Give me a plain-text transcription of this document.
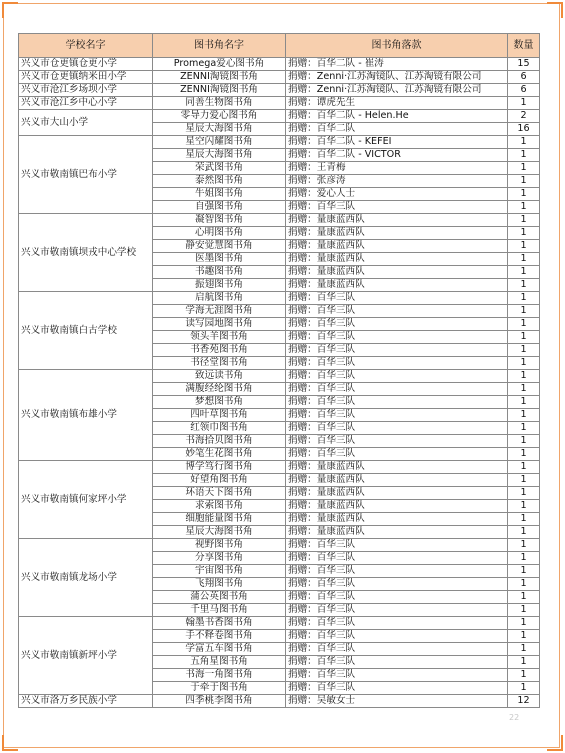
学校名字	图书角名字	图书角落款	数量
兴义市仓更镇仓更小学	Promega爱心图书角	捐赠：百华二队 - 崔涛	15
兴义市仓更镇纳米田小学	ZENNI淘镜图书角	捐赠：Zenni·江苏淘镜队、江苏淘镜有限公司	6
兴义市沧江乡场坝小学	ZENNI淘镜图书角	捐赠：Zenni·江苏淘镜队、江苏淘镜有限公司	6
兴义市沧江乡中心小学	同善生物图书角	捐赠：谭虎先生	1
兴义市大山小学	零导力爱心图书角	捐赠：百华二队 - Helen.He	2
	星辰大海图书角	捐赠：百华二队	16
兴义市敬南镇巴布小学	星空闪耀图书角	捐赠：百华二队 - KEFEI	1
	星辰大海图书角	捐赠：百华二队 - VICTOR	1
	荣武图书角	捐赠：王青梅	1
	泰然图书角	捐赠：张彦涛	1
	牛姐图书角	捐赠：爱心人士	1
	自强图书角	捐赠：百华三队	1
兴义市敬南镇坝戎中心学校	凝智图书角	捐赠：量康蓝西队	1
	心明图书角	捐赠：量康蓝西队	1
	静安觉慧图书角	捐赠：量康蓝西队	1
	医墨图书角	捐赠：量康蓝西队	1
	书趣图书角	捐赠：量康蓝西队	1
	振翅图书角	捐赠：量康蓝西队	1
兴义市敬南镇白古学校	启航图书角	捐赠：百华三队	1
	学海无涯图书角	捐赠：百华三队	1
	读写园地图书角	捐赠：百华三队	1
	领头羊图书角	捐赠：百华三队	1
	书香苑图书角	捐赠：百华三队	1
	书径堂图书角	捐赠：百华三队	1
兴义市敬南镇布雄小学	致远读书角	捐赠：百华三队	1
	满腹经纶图书角	捐赠：百华三队	1
	梦想图书角	捐赠：百华三队	1
	四叶草图书角	捐赠：百华三队	1
	红领巾图书角	捐赠：百华三队	1
	书海拾贝图书角	捐赠：百华三队	1
	妙笔生花图书角	捐赠：百华三队	1
兴义市敬南镇何家坪小学	博学笃行图书角	捐赠：量康蓝西队	1
	好望角图书角	捐赠：量康蓝西队	1
	环语天下图书角	捐赠：量康蓝西队	1
	求索图书角	捐赠：量康蓝西队	1
	细胞能量图书角	捐赠：量康蓝西队	1
	星辰大海图书角	捐赠：量康蓝西队	1
兴义市敬南镇龙场小学	视野图书角	捐赠：百华三队	1
	分享图书角	捐赠：百华三队	1
	宇宙图书角	捐赠：百华三队	1
	飞翔图书角	捐赠：百华三队	1
	蒲公英图书角	捐赠：百华三队	1
	千里马图书角	捐赠：百华三队	1
兴义市敬南镇新坪小学	翰墨书香图书角	捐赠：百华三队	1
	手不释卷图书角	捐赠：百华三队	1
	学富五车图书角	捐赠：百华三队	1
	五角星图书角	捐赠：百华三队	1
	书海一角图书角	捐赠：百华三队	1
	于牵于图书角	捐赠：百华三队	1
兴义市洛万乡民族小学	四季桃李图书角	捐赠：吴敏女士	12
22
